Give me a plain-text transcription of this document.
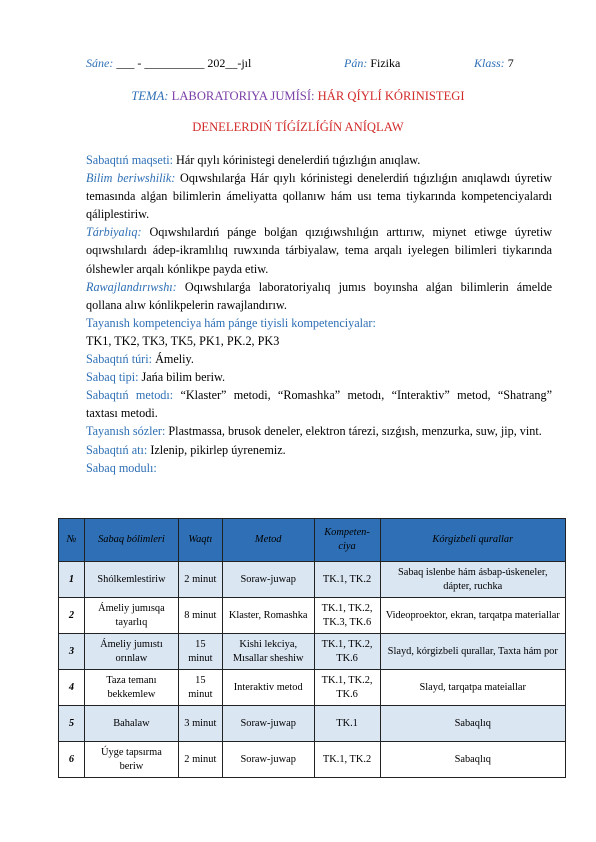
Sáne: ___ - __________ 202__-jıl	Pán: Fizika	Klass: 7
TEMA: LABORATORIYA JUMÍSÍ: HÁR QÍYLÍ KÓRINISTEGI
DENELERDIŃ TÍǴÍZLÍǴÍN ANÍQLAW

Sabaqtıń maqseti: Hár qıylı kórinistegi denelerdiń tıǵızlıǵın anıqlaw.

Bilim beriwshilik: Oqıwshılarǵa Hár qıylı kórinistegi denelerdiń tıǵızlıǵın anıqlawdı úyretiw temasında alǵan bilimlerin ámeliyatta qollanıw hám usı tema tiykarında kompetenciyalardı qáliplestiriw.

Tárbiyalıq: Oqıwshılardıń pánge bolǵan qızıǵıwshılıǵın arttırıw, miynet etiwge úyretiw oqıwshılardı ádep-ikramlılıq ruwxında tárbiyalaw, tema arqalı iyelegen bilimleri tiykarında ólshewler arqalı kónlikpe payda etiw.

Rawajlandırıwshı: Oqıwshılarǵa laboratoriyalıq jumıs boyınsha alǵan bilimlerin ámelde qollana alıw kónlikpelerin rawajlandırıw.

Tayanısh kompetenciya hám pánge tiyisli kompetenciyalar:

TK1, TK2, TK3, TK5, PK1, PK.2, PK3

Sabaqtıń túri: Ámeliy.

Sabaq tipi: Jańa bilim beriw.

Sabaqtıń metodı: “Klaster” metodi, “Romashka” metodı, “Interaktiv” metod, “Shatrang” taxtası metodi.

Tayanısh sózler: Plastmassa, brusok deneler, elektron tárezi, sızǵısh, menzurka, suw, jip, vint.

Sabaqtıń atı: Izlenip, pikirlep úyrenemiz.

Sabaq modulı:

№	Sabaq bólimleri	Waqtı	Metod	Kompeten-ciya	Kórgizbeli qurallar
1	Shólkemlestiriw	2 minut	Soraw-juwap	TK.1, TK.2	Sabaq islenbe hám ásbap-úskeneler, dápter, ruchka
2	Ámeliy jumısqa tayarlıq	8 minut	Klaster, Romashka	TK.1, TK.2, TK.3, TK.6	Videoproektor, ekran, tarqatpa materiallar
3	Ámeliy jumıstı orınlaw	15 minut	Kishi lekciya, Mısallar sheshiw	TK.1, TK.2, TK.6	Slayd, kórgizbeli qurallar, Taxta hám por
4	Taza temanı bekkemlew	15 minut	Interaktiv metod	TK.1, TK.2, TK.6	Slayd, tarqatpa mateiallar
5	Bahalaw	3 minut	Soraw-juwap	TK.1	Sabaqlıq
6	Úyge tapsırma beriw	2 minut	Soraw-juwap	TK.1, TK.2	Sabaqlıq
